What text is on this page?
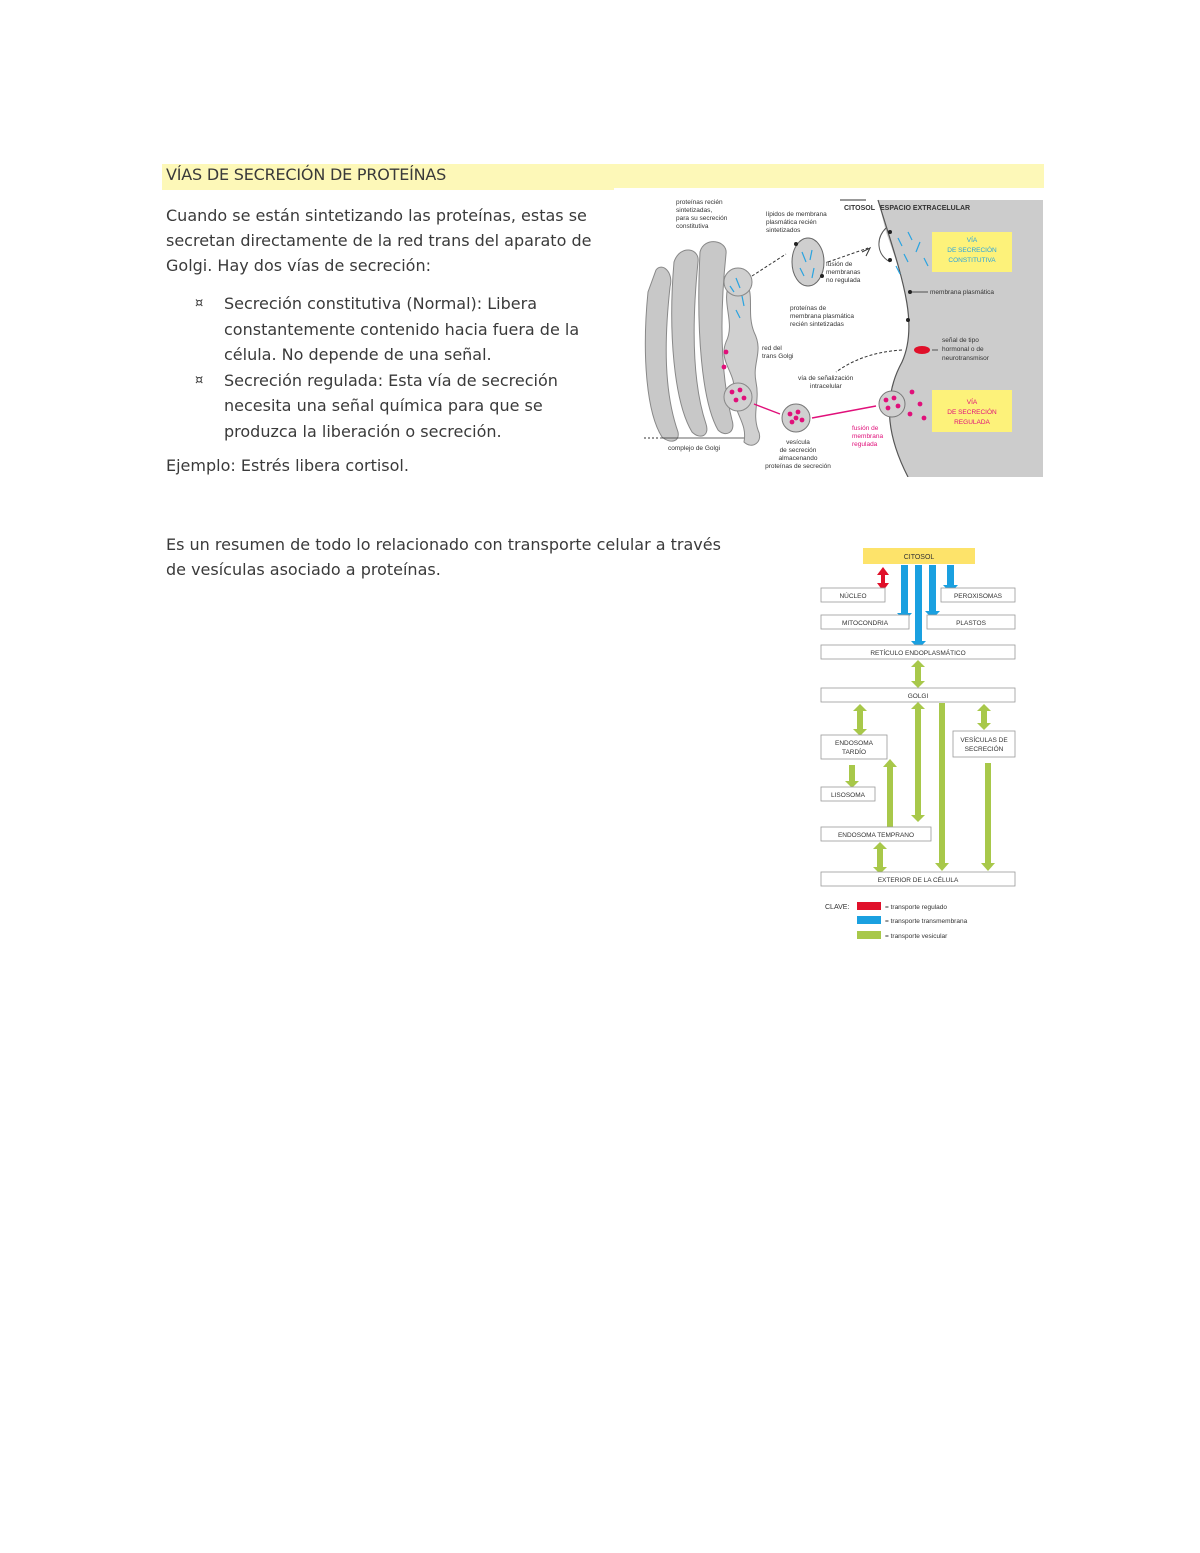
VÍAS DE SECRECIÓN DE PROTEÍNAS
Cuando se están sintetizando las proteínas, estas se secretan directamente de la red trans del aparato de Golgi. Hay dos vías de secreción:
¤ Secreción constitutiva (Normal): Libera constantemente contenido hacia fuera de la célula. No depende de una señal.
¤ Secreción regulada: Esta vía de secreción necesita una señal química para que se produzca la liberación o secreción.
Ejemplo: Estrés libera cortisol.
Es un resumen de todo lo relacionado con transporte celular a través de vesículas asociado a proteínas.
CITOSOL ESPACIO EXTRACELULAR
VÍA
DE SECRECIÓN
CONSTITUTIVA
VÍA
DE SECRECIÓN
REGULADA
membrana plasmática
señal de tipo
hormonal o de
neurotransmisor
proteínas recién
sintetizadas,
para su secreción
constitutiva
lípidos de membrana
plasmática recién
sintetizados
fusión de
membranas
no regulada
proteínas de
membrana plasmática
recién sintetizadas
red del
trans Golgi
vía de señalización
intracelular
fusión de
membrana
regulada
vesícula
de secreción
almacenando
proteínas de secreción
complejo de Golgi
CITOSOL
NÚCLEO	PEROXISOMAS
MITOCONDRIA	PLASTOS
RETÍCULO ENDOPLASMÁTICO
GOLGI
ENDOSOMA
TARDÍO
VESÍCULAS DE
SECRECIÓN
LISOSOMA
ENDOSOMA TEMPRANO
EXTERIOR DE LA CÉLULA
CLAVE:	= transporte regulado
= transporte transmembrana
= transporte vesicular
